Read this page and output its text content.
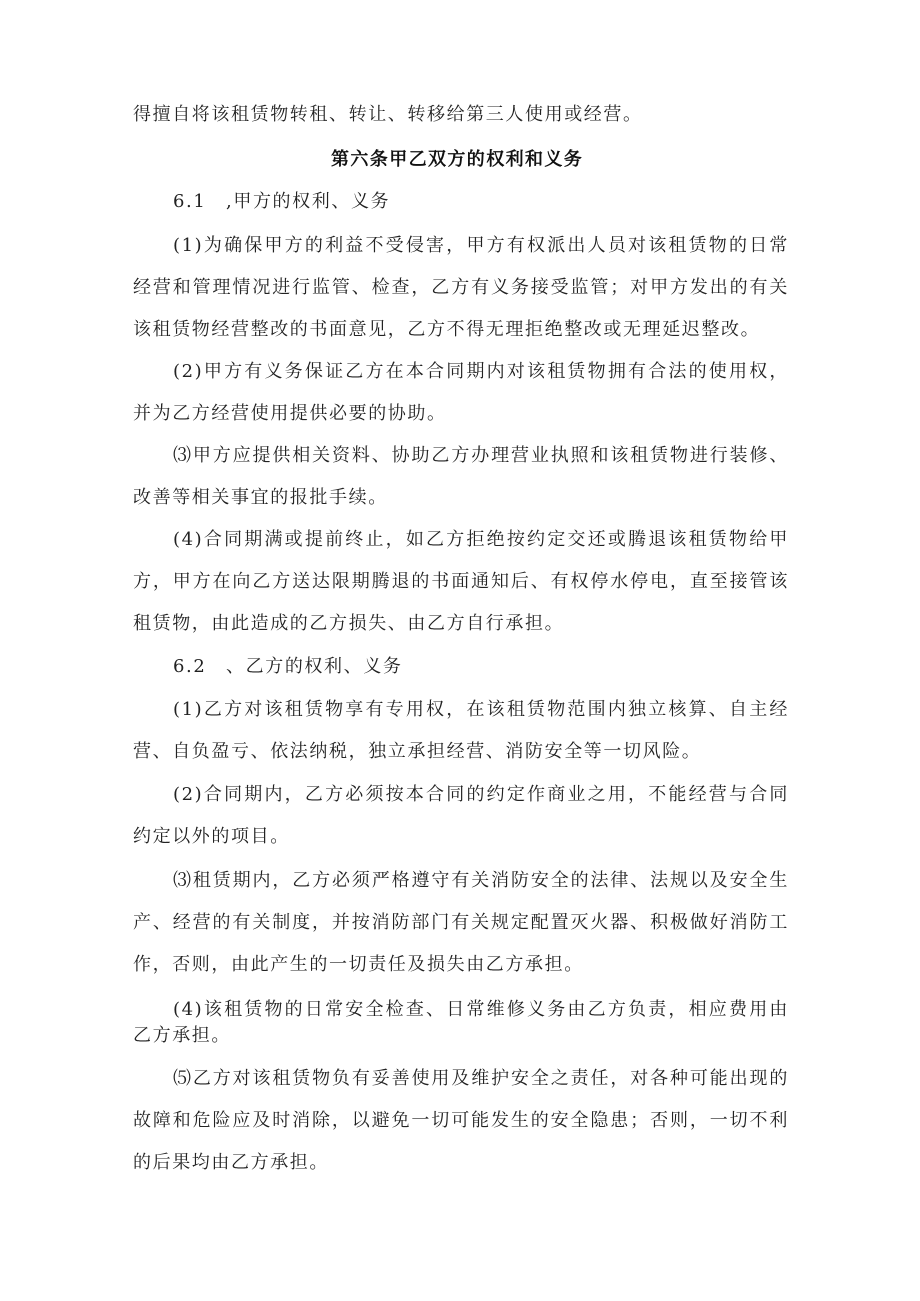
得擅自将该租赁物转租、转让、转移给第三人使用或经营。

第六条甲乙双方的权利和义务

6.1　,甲方的权利、义务

(1)为确保甲方的利益不受侵害，甲方有权派出人员对该租赁物的日常

经营和管理情况进行监管、检查，乙方有义务接受监管；对甲方发出的有关

该租赁物经营整改的书面意见，乙方不得无理拒绝整改或无理延迟整改。

(2)甲方有义务保证乙方在本合同期内对该租赁物拥有合法的使用权，

并为乙方经营使用提供必要的协助。

⑶甲方应提供相关资料、协助乙方办理营业执照和该租赁物进行装修、

改善等相关事宜的报批手续。

(4)合同期满或提前终止，如乙方拒绝按约定交还或腾退该租赁物给甲

方，甲方在向乙方送达限期腾退的书面通知后、有权停水停电，直至接管该

租赁物，由此造成的乙方损失、由乙方自行承担。

6.2　、乙方的权利、义务

(1)乙方对该租赁物享有专用权，在该租赁物范围内独立核算、自主经

营、自负盈亏、依法纳税，独立承担经营、消防安全等一切风险。

(2)合同期内，乙方必须按本合同的约定作商业之用，不能经营与合同

约定以外的项目。

⑶租赁期内，乙方必须严格遵守有关消防安全的法律、法规以及安全生

产、经营的有关制度，并按消防部门有关规定配置灭火器、积极做好消防工

作，否则，由此产生的一切责任及损失由乙方承担。

(4)该租赁物的日常安全检查、日常维修义务由乙方负责，相应费用由

乙方承担。

⑸乙方对该租赁物负有妥善使用及维护安全之责任，对各种可能出现的

故障和危险应及时消除，以避免一切可能发生的安全隐患；否则，一切不利

的后果均由乙方承担。
